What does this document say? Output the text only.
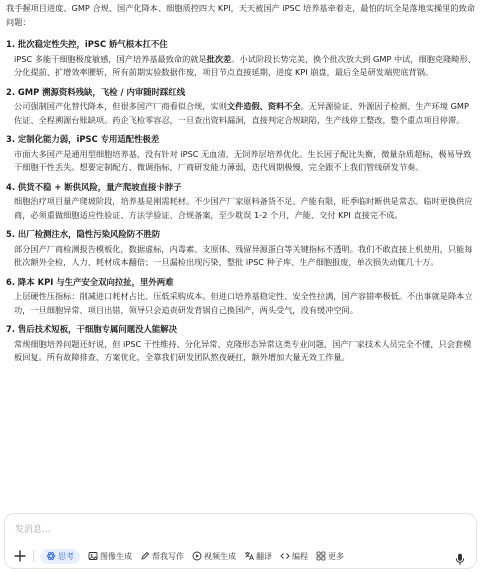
我手握项目进度、GMP 合规、国产化降本、细胞质控四大 KPI，天天被国产 iPSC 培养基牵着走，最怕的坑全是落地实操里的致命问题：

1. 批次稳定性失控，iPSC 娇气根本扛不住

iPSC 多能干细胞极度敏感，国产培养基最致命的就是批次差。小试阶段长势完美，换个批次放大到 GMP 中试，细胞克隆畸形、分化提前、扩增效率腰斩，所有前期实验数据作废，项目节点直接延期，进度 KPI 崩盘，最后全是研发端兜底背锅。

2. GMP 溯源资料残缺，飞检 / 内审随时踩红线

公司强制国产化替代降本，但很多国产厂商看似合规，实则文件造假、资料不全。无异源验证、外源因子检测、生产环境 GMP 佐证、全程溯源台账缺项。药企飞检零容忍，一旦查出资料漏洞，直接判定合规缺陷，生产线停工整改，整个重点项目停滞。

3. 定制化能力弱，iPSC 专用适配性极差

市面大多国产是通用型细胞培养基，没有针对 iPSC 无血清、无饲养层培养优化。生长因子配比失衡，微量杂质超标，极易导致干细胞干性丢失。想要定制配方、微调指标，厂商研发能力薄弱，迭代周期极慢，完全跟不上我们管线研发节奏。

4. 供货不稳 + 断供风险，量产爬坡直接卡脖子

细胞治疗项目量产爬坡阶段，培养基是刚需耗材。不少国产厂家原料备货不足、产能有限，旺季临时断供是常态。临时更换供应商，必须重做细胞适应性验证、方法学验证、合规备案，至少耽误 1-2 个月，产能、交付 KPI 直接完不成。

5. 出厂检测注水，隐性污染风险防不胜防

部分国产厂商检测报告模板化，数据虚标，内毒素、支原体、残留异源蛋白等关键指标不透明。我们不敢直接上机使用，只能每批次额外全检，人力、耗材成本翻倍；一旦漏检出现污染，整批 iPSC 种子库、生产细胞报废，单次损失动辄几十万。

6. 降本 KPI 与生产安全双向拉扯，里外两难

上层硬性压指标：削减进口耗材占比、压低采购成本。但进口培养基稳定性、安全性拉满，国产容错率极低。不出事就是降本立功，一旦细胞异常、项目出错，领导只会追责研发背锅自己换国产，两头受气，没有缓冲空间。

7. 售后技术短板，干细胞专属问题没人能解决

常规细胞培养问题还好说，但 iPSC 干性维持、分化异常、克隆形态异常这类专业问题，国产厂家技术人员完全不懂，只会套模板回复。所有故障排查、方案优化，全靠我们研发团队熬夜硬扛，额外增加大量无效工作量。

发消息...
思考	图像生成	帮我写作	视频生成	翻译	编程	更多
